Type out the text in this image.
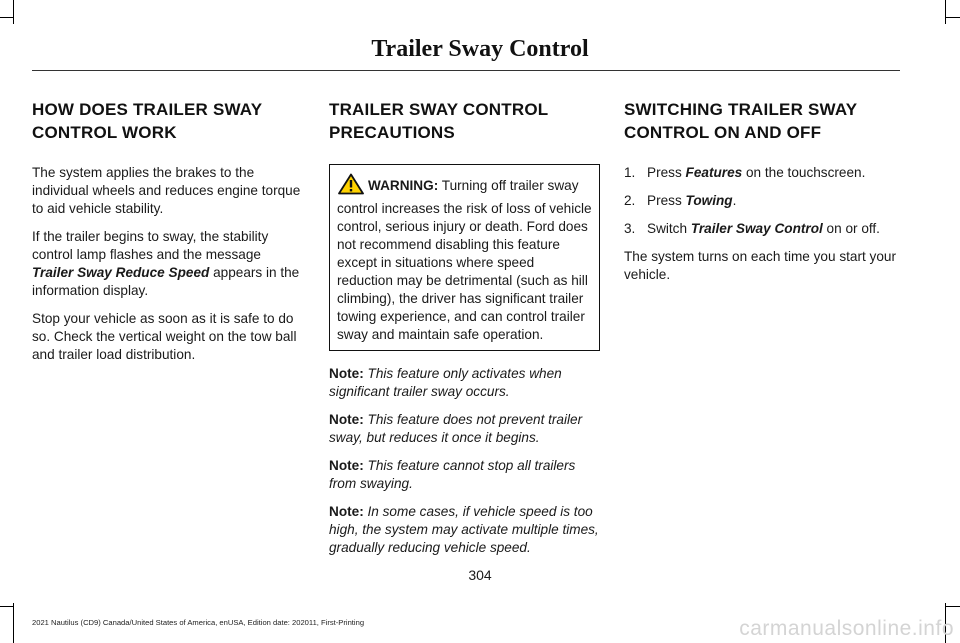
Trailer Sway Control
HOW DOES TRAILER SWAY
CONTROL WORK

The system applies the brakes to the individual wheels and reduces engine torque to aid vehicle stability.

If the trailer begins to sway, the stability control lamp flashes and the message Trailer Sway Reduce Speed appears in the information display.

Stop your vehicle as soon as it is safe to do so. Check the vertical weight on the tow ball and trailer load distribution.

TRAILER SWAY CONTROL
PRECAUTIONS
WARNING: Turning off trailer sway control increases the risk of loss of vehicle control, serious injury or death. Ford does not recommend disabling this feature except in situations where speed reduction may be detrimental (such as hill climbing), the driver has significant trailer towing experience, and can control trailer sway and maintain safe operation.

Note: This feature only activates when significant trailer sway occurs.

Note: This feature does not prevent trailer sway, but reduces it once it begins.

Note: This feature cannot stop all trailers from swaying.

Note: In some cases, if vehicle speed is too high, the system may activate multiple times, gradually reducing vehicle speed.

SWITCHING TRAILER SWAY
CONTROL ON AND OFF
1. Press Features on the touchscreen.
2. Press Towing.
3. Switch Trailer Sway Control on or off.

The system turns on each time you start your vehicle.

304
2021 Nautilus (CD9) Canada/United States of America, enUSA, Edition date: 202011, First-Printing	carmanualsonline.info
